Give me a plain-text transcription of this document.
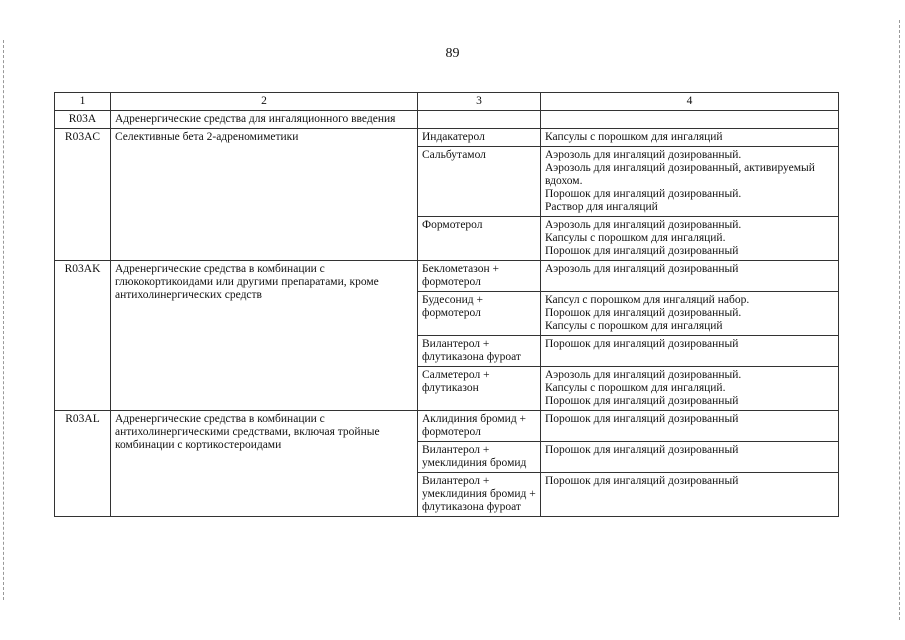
89
1	2	3	4
R03A	Адренергические средства для ингаляционного введения		
R03AC	Селективные бета 2-адреномиметики	Индакатерол	Капсулы с порошком для ингаляций

		Сальбутамол	Аэрозоль для ингаляций дозированный.
Аэрозоль для ингаляций дозированный, активируемый вдохом.
Порошок для ингаляций дозированный.
Раствор для ингаляций

		Формотерол	Аэрозоль для ингаляций дозированный.
Капсулы с порошком для ингаляций.
Порошок для ингаляций дозированный

R03AK	Адренергические средства в комбинации с глюкокортикоидами или другими препаратами, кроме антихолинергических средств	Беклометазон + формотерол	Аэрозоль для ингаляций дозированный

		Будесонид + формотерол	Капсул с порошком для ингаляций набор.
Порошок для ингаляций дозированный.
Капсулы с порошком для ингаляций

		Вилантерол + флутиказона фуроат	Порошок для ингаляций дозированный

		Салметерол + флутиказон	Аэрозоль для ингаляций дозированный.
Капсулы с порошком для ингаляций.
Порошок для ингаляций дозированный

R03AL	Адренергические средства в комбинации с антихолинергическими средствами, включая тройные комбинации с кортикостероидами	Аклидиния бромид + формотерол	Порошок для ингаляций дозированный

		Вилантерол + умеклидиния бромид	Порошок для ингаляций дозированный

		Вилантерол + умеклидиния бромид + флутиказона фуроат	Порошок для ингаляций дозированный
